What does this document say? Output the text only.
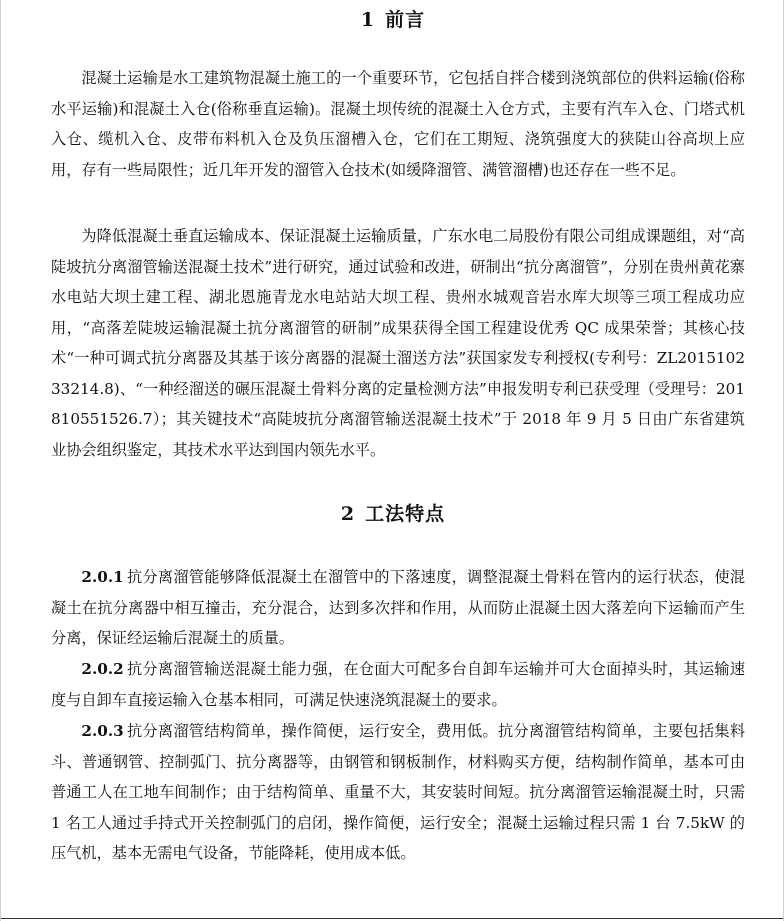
1 前言

混凝土运输是水工建筑物混凝土施工的一个重要环节，它包括自拌合楼到浇筑部位的供料运输(俗称水平运输)和混凝土入仓(俗称垂直运输)。混凝土坝传统的混凝土入仓方式，主要有汽车入仓、门塔式机入仓、缆机入仓、皮带布料机入仓及负压溜槽入仓，它们在工期短、浇筑强度大的狭陡山谷高坝上应用，存有一些局限性；近几年开发的溜管入仓技术(如缓降溜管、满管溜槽)也还存在一些不足。

为降低混凝土垂直运输成本、保证混凝土运输质量，广东水电二局股份有限公司组成课题组，对“高陡坡抗分离溜管输送混凝土技术”进行研究，通过试验和改进，研制出“抗分离溜管”，分别在贵州黄花寨水电站大坝土建工程、湖北恩施青龙水电站站大坝工程、贵州水城观音岩水库大坝等三项工程成功应用，“高落差陡坡运输混凝土抗分离溜管的研制”成果获得全国工程建设优秀 QC 成果荣誉；其核心技术“一种可调式抗分离器及其基于该分离器的混凝土溜送方法”获国家发专利授权(专利号：ZL201510233214.8)、“一种经溜送的碾压混凝土骨料分离的定量检测方法”申报发明专利已获受理（受理号：201810551526.7）；其关键技术“高陡坡抗分离溜管输送混凝土技术”于 2018 年 9 月 5 日由广东省建筑业协会组织鉴定，其技术水平达到国内领先水平。

2 工法特点

2.0.1 抗分离溜管能够降低混凝土在溜管中的下落速度，调整混凝土骨料在管内的运行状态，使混凝土在抗分离器中相互撞击，充分混合，达到多次拌和作用，从而防止混凝土因大落差向下运输而产生分离，保证经运输后混凝土的质量。

2.0.2 抗分离溜管输送混凝土能力强，在仓面大可配多台自卸车运输并可大仓面掉头时，其运输速度与自卸车直接运输入仓基本相同，可满足快速浇筑混凝土的要求。

2.0.3 抗分离溜管结构简单，操作简便，运行安全，费用低。抗分离溜管结构简单，主要包括集料斗、普通钢管、控制弧门、抗分离器等，由钢管和钢板制作，材料购买方便，结构制作简单，基本可由普通工人在工地车间制作；由于结构简单、重量不大，其安装时间短。抗分离溜管运输混凝土时，只需 1 名工人通过手持式开关控制弧门的启闭，操作简便，运行安全；混凝土运输过程只需 1 台 7.5kW 的压气机，基本无需电气设备，节能降耗，使用成本低。
